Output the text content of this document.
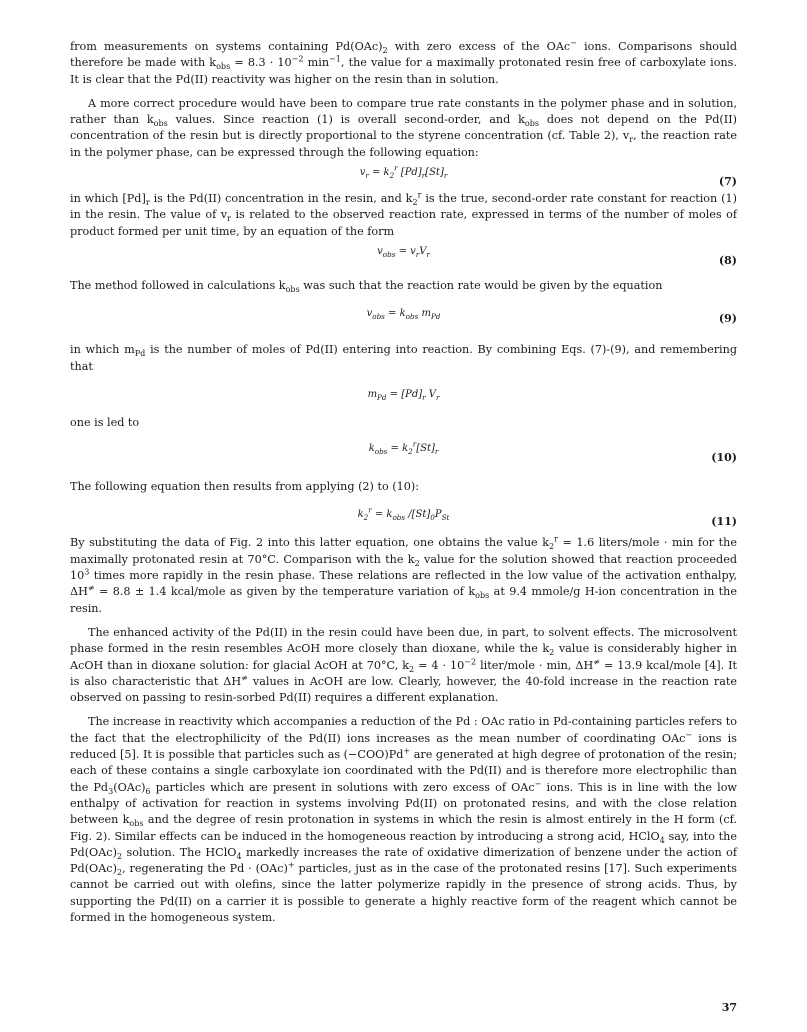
from measurements on systems containing $Pd(OAc)_2$ with zero excess of the OAc− ions. Comparisons should therefore be made with $k_{obs} = 8.3 \cdot 10^{-2}$ $\min^{-1}$, the value for a maximally protonated resin free of carboxylate ions. It is clear that the Pd(II) reactivity was higher on the resin than in solution.

A more correct procedure would have been to compare true rate constants in the polymer phase and in solution, rather than $k_{obs}$ values. Since reaction (1) is overall second-order, and $k_{obs}$ does not depend on the Pd(II) concentration of the resin but is directly proportional to the styrene concentration (cf. Table 2), $v_r$, the reaction rate in the polymer phase, can be expressed through the following equation:

$v_r = k_2^r$ $[Pd]_r[St]_r$	(7)

in which $[Pd]_r$ is the Pd(II) concentration in the resin, and $k_2^r$ is the true, second-order rate constant for reaction (1) in the resin. The value of $v_r$ is related to the observed reaction rate, expressed in terms of the number of moles of product formed per unit time, by an equation of the form

$v_{obs} = v_rV_r$	(8)

The method followed in calculations $k_{obs}$ was such that the reaction rate would be given by the equation

$v_{obs} = k_{obs}$ $m_{Pd}$	(9)

in which $m_{Pd}$ is the number of moles of Pd(II) entering into reaction. By combining Eqs. (7)-(9), and remembering that

$m_{Pd} = [Pd]_r$ $V_r$

one is led to

$k_{obs} = k_2^r[St]_r$	(10)

The following equation then results from applying (2) to (10):

$k_2^r = k_{obs}$ $/[St]_0P_{St}$	(11)

By substituting the data of Fig. 2 into this latter equation, one obtains the value $k_2^r = 1.6$ liters/mole · min for the maximally protonated resin at 70°C. Comparison with the $k_2$ value for the solution showed that reaction proceeded $10^3$ times more rapidly in the resin phase. These relations are reflected in the low value of the activation enthalpy, ΔH≠ = 8.8 ± 1.4 kcal/mole as given by the temperature variation of $k_{obs}$ at 9.4 mmole/g H-ion concentration in the resin.

The enhanced activity of the Pd(II) in the resin could have been due, in part, to solvent effects. The microsolvent phase formed in the resin resembles AcOH more closely than dioxane, while the $k_2$ value is considerably higher in AcOH than in dioxane solution: for glacial AcOH at 70°C, $k_2 = 4 \cdot 10^{-2}$ liter/mole · min, ΔH≠ = 13.9 kcal/mole [4]. It is also characteristic that ΔH≠ values in AcOH are low. Clearly, however, the 40-fold increase in the reaction rate observed on passing to resin-sorbed Pd(II) requires a different explanation.

The increase in reactivity which accompanies a reduction of the Pd : OAc ratio in Pd-containing particles refers to the fact that the electrophilicity of the Pd(II) ions increases as the mean number of coordinating OAc− ions is reduced [5]. It is possible that particles such as (−COO)Pd+ are generated at high degree of protonation of the resin; each of these contains a single carboxylate ion coordinated with the Pd(II) and is therefore more electrophilic than the $Pd_3(OAc)_6$ particles which are present in solutions with zero excess of OAc− ions. This is in line with the low enthalpy of activation for reaction in systems involving Pd(II) on protonated resins, and with the close relation between $k_{obs}$ and the degree of resin protonation in systems in which the resin is almost entirely in the H form (cf. Fig. 2). Similar effects can be induced in the homogeneous reaction by introducing a strong acid, HClO$_4$ say, into the $Pd(OAc)_2$ solution. The HClO$_4$ markedly increases the rate of oxidative dimerization of benzene under the action of $Pd(OAc)_2$, regenerating the Pd · (OAc)+ particles, just as in the case of the protonated resins [17]. Such experiments cannot be carried out with olefins, since the latter polymerize rapidly in the presence of strong acids. Thus, by supporting the Pd(II) on a carrier it is possible to generate a highly reactive form of the reagent which cannot be formed in the homogeneous system.

37
